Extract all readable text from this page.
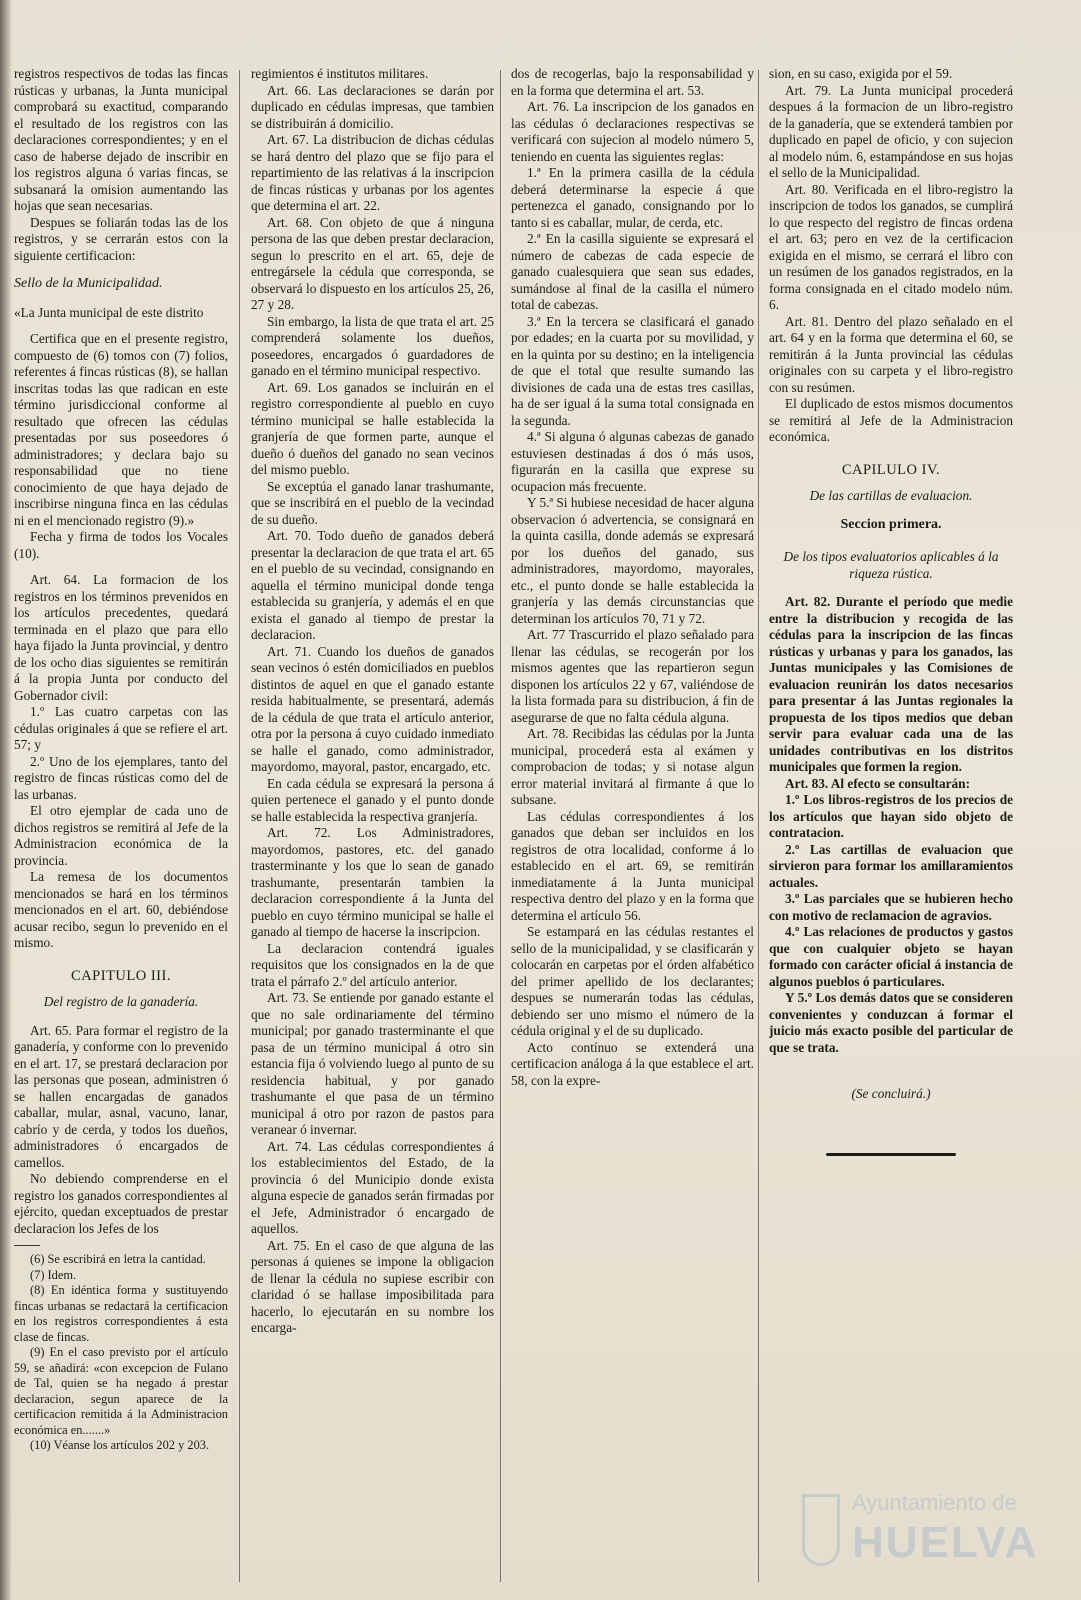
registros respectivos de todas las fincas rústicas y urbanas, la Junta municipal comprobará su exactitud, comparando el resultado de los registros con las declaraciones correspondientes; y en el caso de haberse dejado de inscribir en los registros alguna ó varias fincas, se subsanará la omision aumentando las hojas que sean necesarias.

Despues se foliarán todas las de los registros, y se cerrarán estos con la siguiente certificacion:

Sello de la Municipalidad.

«La Junta municipal de este distrito

Certifica que en el presente registro, compuesto de (6) tomos con (7) folios, referentes á fincas rústicas (8), se hallan inscritas todas las que radican en este término jurisdiccional conforme al resultado que ofrecen las cédulas presentadas por sus poseedores ó administradores; y declara bajo su responsabilidad que no tiene conocimiento de que haya dejado de inscribirse ninguna finca en las cédulas ni en el mencionado registro (9).»

Fecha y firma de todos los Vocales (10).

Art. 64. La formacion de los registros en los términos prevenidos en los artículos precedentes, quedará terminada en el plazo que para ello haya fijado la Junta provincial, y dentro de los ocho dias siguientes se remitirán á la propia Junta por conducto del Gobernador civil:

1.º Las cuatro carpetas con las cédulas originales á que se refiere el art. 57; y

2.º Uno de los ejemplares, tanto del registro de fincas rústicas como del de las urbanas.

El otro ejemplar de cada uno de dichos registros se remitirá al Jefe de la Administracion económica de la provincia.

La remesa de los documentos mencionados se hará en los términos mencionados en el art. 60, debiéndose acusar recibo, segun lo prevenido en el mismo.

CAPITULO III.

Del registro de la ganadería.

Art. 65. Para formar el registro de la ganadería, y conforme con lo prevenido en el art. 17, se prestará declaracion por las personas que posean, administren ó se hallen encargadas de ganados caballar, mular, asnal, vacuno, lanar, cabrío y de cerda, y todos los dueños, administradores ó encargados de camellos.

No debiendo comprenderse en el registro los ganados correspondientes al ejército, quedan exceptuados de prestar declaracion los Jefes de los

(6) Se escribirá en letra la cantidad.

(7) Idem.

(8) En idéntica forma y sustituyendo fincas urbanas se redactará la certificacion en los registros correspondientes á esta clase de fincas.

(9) En el caso previsto por el artículo 59, se añadirá: «con excepcion de Fulano de Tal, quien se ha negado á prestar declaracion, segun aparece de la certificacion remitida á la Administracion económica en.......»

(10) Véanse los artículos 202 y 203.

regimientos é institutos militares.

Art. 66. Las declaraciones se darán por duplicado en cédulas impresas, que tambien se distribuirán á domicilio.

Art. 67. La distribucion de dichas cédulas se hará dentro del plazo que se fijo para el repartimiento de las relativas á la inscripcion de fincas rústicas y urbanas por los agentes que determina el art. 22.

Art. 68. Con objeto de que á ninguna persona de las que deben prestar declaracion, segun lo prescrito en el art. 65, deje de entregársele la cédula que corresponda, se observará lo dispuesto en los artículos 25, 26, 27 y 28.

Sin embargo, la lista de que trata el art. 25 comprenderá solamente los dueños, poseedores, encargados ó guardadores de ganado en el término municipal respectivo.

Art. 69. Los ganados se incluirán en el registro correspondiente al pueblo en cuyo término municipal se halle establecida la granjería de que formen parte, aunque el dueño ó dueños del ganado no sean vecinos del mismo pueblo.

Se exceptúa el ganado lanar trashumante, que se inscribirá en el pueblo de la vecindad de su dueño.

Art. 70. Todo dueño de ganados deberá presentar la declaracion de que trata el art. 65 en el pueblo de su vecindad, consignando en aquella el término municipal donde tenga establecida su granjería, y además el en que exista el ganado al tiempo de prestar la declaracion.

Art. 71. Cuando los dueños de ganados sean vecinos ó estén domiciliados en pueblos distintos de aquel en que el ganado estante resida habitualmente, se presentará, además de la cédula de que trata el artículo anterior, otra por la persona á cuyo cuidado inmediato se halle el ganado, como administrador, mayordomo, mayoral, pastor, encargado, etc.

En cada cédula se expresará la persona á quien pertenece el ganado y el punto donde se halle establecida la respectiva granjería.

Art. 72. Los Administradores, mayordomos, pastores, etc. del ganado trasterminante y los que lo sean de ganado trashumante, presentarán tambien la declaracion correspondiente á la Junta del pueblo en cuyo término municipal se halle el ganado al tiempo de hacerse la inscripcion.

La declaracion contendrá iguales requisitos que los consignados en la de que trata el párrafo 2.º del artículo anterior.

Art. 73. Se entiende por ganado estante el que no sale ordinariamente del término municipal; por ganado trasterminante el que pasa de un término municipal á otro sin estancia fija ó volviendo luego al punto de su residencia habitual, y por ganado trashumante el que pasa de un término municipal á otro por razon de pastos para veranear ó invernar.

Art. 74. Las cédulas correspondientes á los establecimientos del Estado, de la provincia ó del Municipio donde exista alguna especie de ganados serán firmadas por el Jefe, Administrador ó encargado de aquellos.

Art. 75. En el caso de que alguna de las personas á quienes se impone la obligacion de llenar la cédula no supiese escribir con claridad ó se hallase imposibilitada para hacerlo, lo ejecutarán en su nombre los encarga-

dos de recogerlas, bajo la responsabilidad y en la forma que determina el art. 53.

Art. 76. La inscripcion de los ganados en las cédulas ó declaraciones respectivas se verificará con sujecion al modelo número 5, teniendo en cuenta las siguientes reglas:

1.ª En la primera casilla de la cédula deberá determinarse la especie á que pertenezca el ganado, consignando por lo tanto si es caballar, mular, de cerda, etc.

2.ª En la casilla siguiente se expresará el número de cabezas de cada especie de ganado cualesquiera que sean sus edades, sumándose al final de la casilla el número total de cabezas.

3.ª En la tercera se clasificará el ganado por edades; en la cuarta por su movilidad, y en la quinta por su destino; en la inteligencia de que el total que resulte sumando las divisiones de cada una de estas tres casillas, ha de ser igual á la suma total consignada en la segunda.

4.ª Si alguna ó algunas cabezas de ganado estuviesen destinadas á dos ó más usos, figurarán en la casilla que exprese su ocupacion más frecuente.

Y 5.ª Si hubiese necesidad de hacer alguna observacion ó advertencia, se consignará en la quinta casilla, donde además se expresará por los dueños del ganado, sus administradores, mayordomo, mayorales, etc., el punto donde se halle establecida la granjería y las demás circunstancias que determinan los artículos 70, 71 y 72.

Art. 77 Trascurrido el plazo señalado para llenar las cédulas, se recogerán por los mismos agentes que las repartieron segun disponen los artículos 22 y 67, valiéndose de la lista formada para su distribucion, á fin de asegurarse de que no falta cédula alguna.

Art. 78. Recibidas las cédulas por la Junta municipal, procederá esta al exámen y comprobacion de todas; y si notase algun error material invitará al firmante á que lo subsane.

Las cédulas correspondientes á los ganados que deban ser incluidos en los registros de otra localidad, conforme á lo establecido en el art. 69, se remitirán inmediatamente á la Junta municipal respectiva dentro del plazo y en la forma que determina el artículo 56.

Se estampará en las cédulas restantes el sello de la municipalidad, y se clasificarán y colocarán en carpetas por el órden alfabético del primer apellido de los declarantes; despues se numerarán todas las cédulas, debiendo ser uno mismo el número de la cédula original y el de su duplicado.

Acto contínuo se extenderá una certificacion análoga á la que establece el art. 58, con la expre-

sion, en su caso, exigida por el 59.

Art. 79. La Junta municipal procederá despues á la formacion de un libro-registro de la ganadería, que se extenderá tambien por duplicado en papel de oficio, y con sujecion al modelo núm. 6, estampándose en sus hojas el sello de la Municipalidad.

Art. 80. Verificada en el libro-registro la inscripcion de todos los ganados, se cumplirá lo que respecto del registro de fincas ordena el art. 63; pero en vez de la certificacion exigida en el mismo, se cerrará el libro con un resúmen de los ganados registrados, en la forma consignada en el citado modelo núm. 6.

Art. 81. Dentro del plazo señalado en el art. 64 y en la forma que determina el 60, se remitirán á la Junta provincial las cédulas originales con su carpeta y el libro-registro con su resúmen.

El duplicado de estos mismos documentos se remitirá al Jefe de la Administracion económica.

CAPILULO IV.

De las cartillas de evaluacion.

Seccion primera.

De los tipos evaluatorios aplicables á la riqueza rústica.

Art. 82. Durante el período que medie entre la distribucion y recogida de las cédulas para la inscripcion de las fincas rústicas y urbanas y para los ganados, las Juntas municipales y las Comisiones de evaluacion reunirán los datos necesarios para presentar á las Juntas regionales la propuesta de los tipos medios que deban servir para evaluar cada una de las unidades contributivas en los distritos municipales que formen la region.

Art. 83. Al efecto se consultarán:

1.º Los libros-registros de los precios de los artículos que hayan sido objeto de contratacion.

2.º Las cartillas de evaluacion que sirvieron para formar los amillaramientos actuales.

3.º Las parciales que se hubieren hecho con motivo de reclamacion de agravios.

4.º Las relaciones de productos y gastos que con cualquier objeto se hayan formado con carácter oficial á instancia de algunos pueblos ó particulares.

Y 5.º Los demás datos que se consideren convenientes y conduzcan á formar el juicio más exacto posible del particular de que se trata.

(Se concluirá.)

Ayuntamiento de
HUELVA
